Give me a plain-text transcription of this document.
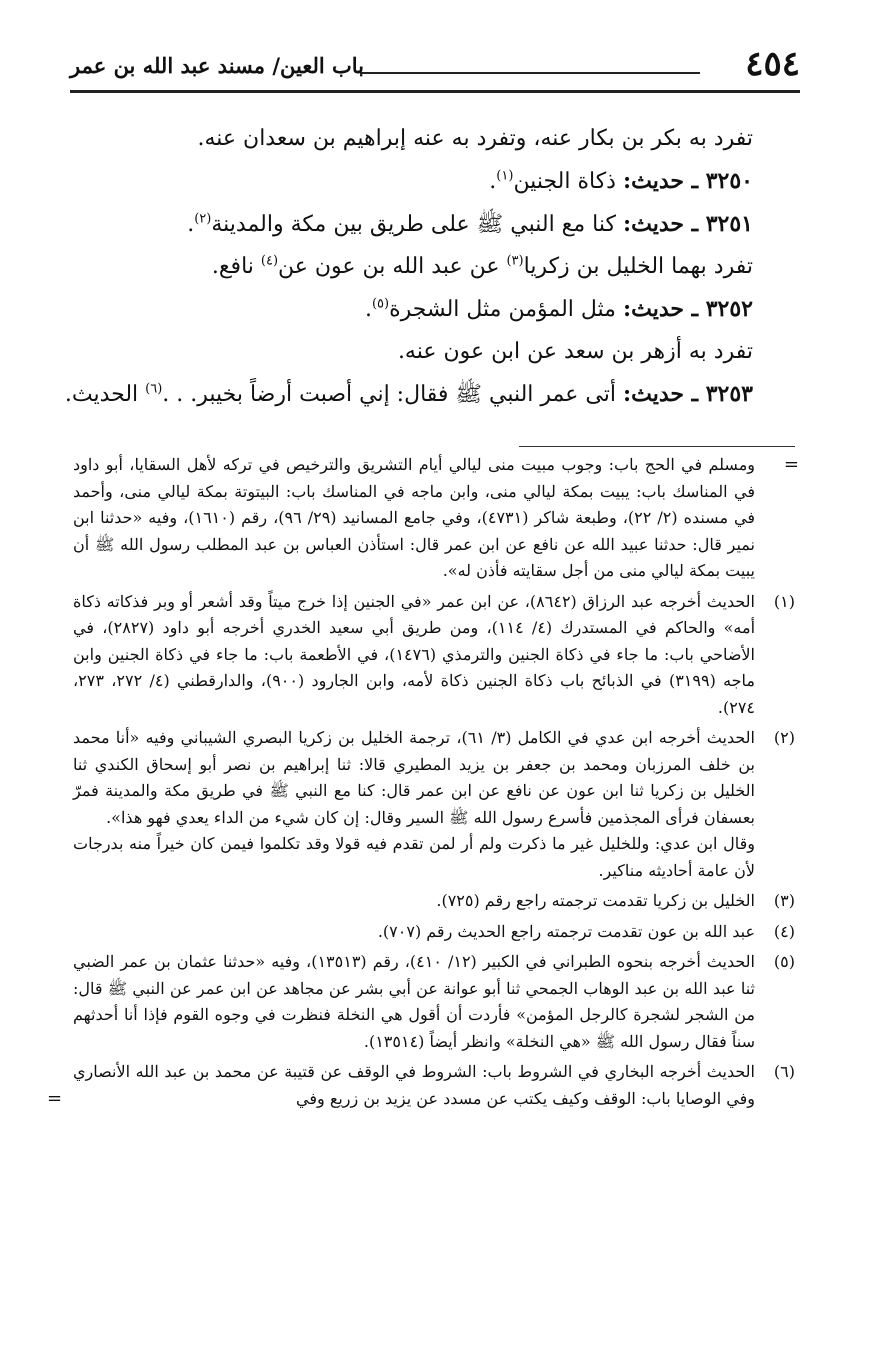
٤٥٤
باب العين/ مسند عبد الله بن عمر

تفرد به بكر بن بكار عنه، وتفرد به عنه إبراهيم بن سعدان عنه.

٣٢٥٠ ـ حديث: ذكاة الجنين$^{(١)}$.

٣٢٥١ ـ حديث: كنا مع النبي ﷺ على طريق بين مكة والمدينة$^{(٢)}$.

تفرد بهما الخليل بن زكريا$^{(٣)}$ عن عبد الله بن عون عن$^{(٤)}$ نافع.

٣٢٥٢ ـ حديث: مثل المؤمن مثل الشجرة$^{(٥)}$.

تفرد به أزهر بن سعد عن ابن عون عنه.

٣٢٥٣ ـ حديث: أتى عمر النبي ﷺ فقال: إني أصبت أرضاً بخيبر. . .$^{(٦)}$ الحديث.

=

ومسلم في الحج باب: وجوب مبيت منى ليالي أيام التشريق والترخيص في تركه لأهل السقايا، أبو داود في المناسك باب: يبيت بمكة ليالي منى، وابن ماجه في المناسك باب: البيتوتة بمكة ليالي منى، وأحمد في مسنده (٢/ ٢٢)، وطبعة شاكر (٤٧٣١)، وفي جامع المسانيد (٢٩/ ٩٦)، رقم (١٦١٠)، وفيه «حدثنا ابن نمير قال: حدثنا عبيد الله عن نافع عن ابن عمر قال: استأذن العباس بن عبد المطلب رسول الله ﷺ أن يبيت بمكة ليالي منى من أجل سقايته فأذن له».

(١)

الحديث أخرجه عبد الرزاق (٨٦٤٢)، عن ابن عمر «في الجنين إذا خرج ميتاً وقد أشعر أو وبر فذكاته ذكاة أمه» والحاكم في المستدرك (٤/ ١١٤)، ومن طريق أبي سعيد الخدري أخرجه أبو داود (٢٨٢٧)، في الأضاحي باب: ما جاء في ذكاة الجنين والترمذي (١٤٧٦)، في الأطعمة باب: ما جاء في ذكاة الجنين وابن ماجه (٣١٩٩) في الذبائح باب ذكاة الجنين ذكاة لأمه، وابن الجارود (٩٠٠)، والدارقطني (٤/ ٢٧٢، ٢٧٣، ٢٧٤).

(٢)

الحديث أخرجه ابن عدي في الكامل (٣/ ٦١)، ترجمة الخليل بن زكريا البصري الشيباني وفيه «أنا محمد بن خلف المرزبان ومحمد بن جعفر بن يزيد المطيري قالا: ثنا إبراهيم بن نصر أبو إسحاق الكندي ثنا الخليل بن زكريا ثنا ابن عون عن نافع عن ابن عمر قال: كنا مع النبي ﷺ في طريق مكة والمدينة فمرّ بعسفان فرأى المجذمين فأسرع رسول الله ﷺ السير وقال: إن كان شيء من الداء يعدي فهو هذا».

وقال ابن عدي: وللخليل غير ما ذكرت ولم أر لمن تقدم فيه قولا وقد تكلموا فيمن كان خيراً منه بدرجات لأن عامة أحاديثه مناكير.

(٣)

الخليل بن زكريا تقدمت ترجمته راجع رقم (٧٢٥).

(٤)

عبد الله بن عون تقدمت ترجمته راجع الحديث رقم (٧٠٧).

(٥)

الحديث أخرجه بنحوه الطبراني في الكبير (١٢/ ٤١٠)، رقم (١٣٥١٣)، وفيه «حدثنا عثمان بن عمر الضبي ثنا عبد الله بن عبد الوهاب الجمحي ثنا أبو عوانة عن أبي بشر عن مجاهد عن ابن عمر عن النبي ﷺ قال: من الشجر لشجرة كالرجل المؤمن» فأردت أن أقول هي النخلة فنظرت في وجوه القوم فإذا أنا أحدثهم سناً فقال رسول الله ﷺ «هي النخلة» وانظر أيضاً (١٣٥١٤).

(٦)

الحديث أخرجه البخاري في الشروط باب: الشروط في الوقف عن قتيبة عن محمد بن عبد الله الأنصاري وفي الوصايا باب: الوقف وكيف يكتب عن مسدد عن يزيد بن زريع وفي

=
